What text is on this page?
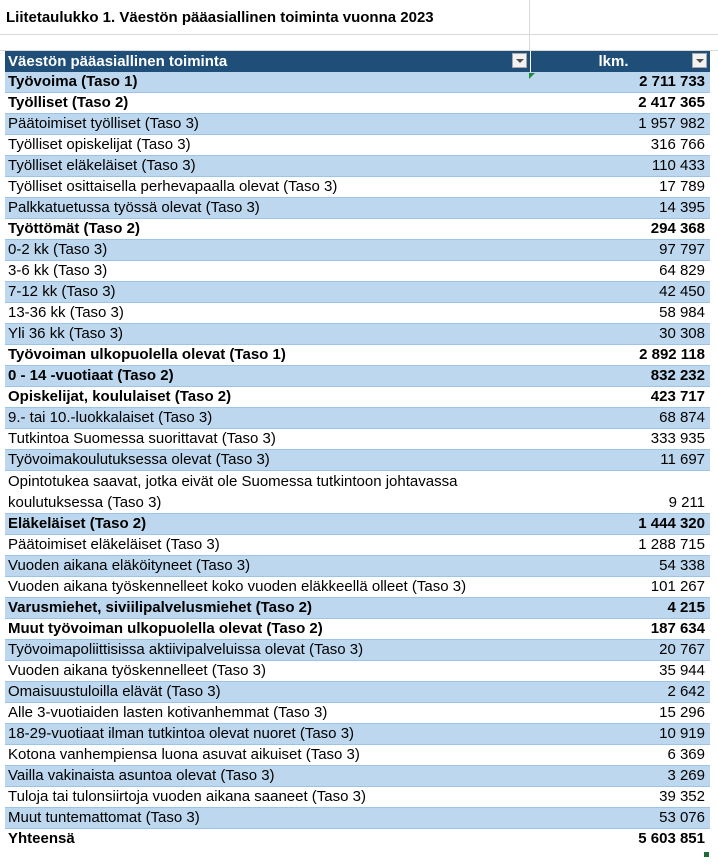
Liitetaulukko 1. Väestön pääasiallinen toiminta vuonna 2023
Väestön pääasiallinen toiminta	lkm.

Työvoima (Taso 1)	2 711 733
Työlliset (Taso 2)	2 417 365
Päätoimiset työlliset (Taso 3)	1 957 982
Työlliset opiskelijat (Taso 3)	316 766
Työlliset eläkeläiset (Taso 3)	110 433
Työlliset osittaisella perhevapaalla olevat (Taso 3)	17 789
Palkkatuetussa työssä olevat (Taso 3)	14 395
Työttömät (Taso 2)	294 368
0-2 kk (Taso 3)	97 797
3-6 kk (Taso 3)	64 829
7-12 kk (Taso 3)	42 450
13-36 kk (Taso 3)	58 984
Yli 36 kk (Taso 3)	30 308
Työvoiman ulkopuolella olevat (Taso 1)	2 892 118
0 - 14 -vuotiaat (Taso 2)	832 232
Opiskelijat, koululaiset (Taso 2)	423 717
9.- tai 10.-luokkalaiset (Taso 3)	68 874
Tutkintoa Suomessa suorittavat (Taso 3)	333 935
Työvoimakoulutuksessa olevat (Taso 3)	11 697
Opintotukea saavat, jotka eivät ole Suomessa tutkintoon johtavassa koulutuksessa (Taso 3)	9 211
Eläkeläiset (Taso 2)	1 444 320
Päätoimiset eläkeläiset (Taso 3)	1 288 715
Vuoden aikana eläköityneet (Taso 3)	54 338
Vuoden aikana työskennelleet koko vuoden eläkkeellä olleet (Taso 3)	101 267
Varusmiehet, siviilipalvelusmiehet (Taso 2)	4 215
Muut työvoiman ulkopuolella olevat (Taso 2)	187 634
Työvoimapoliittisissa aktiivipalveluissa olevat (Taso 3)	20 767
Vuoden aikana työskennelleet (Taso 3)	35 944
Omaisuustuloilla elävät (Taso 3)	2 642
Alle 3-vuotiaiden lasten kotivanhemmat (Taso 3)	15 296
18-29-vuotiaat ilman tutkintoa olevat nuoret (Taso 3)	10 919
Kotona vanhempiensa luona asuvat aikuiset (Taso 3)	6 369
Vailla vakinaista asuntoa olevat (Taso 3)	3 269
Tuloja tai tulonsiirtoja vuoden aikana saaneet (Taso 3)	39 352
Muut tuntemattomat (Taso 3)	53 076
Yhteensä	5 603 851
